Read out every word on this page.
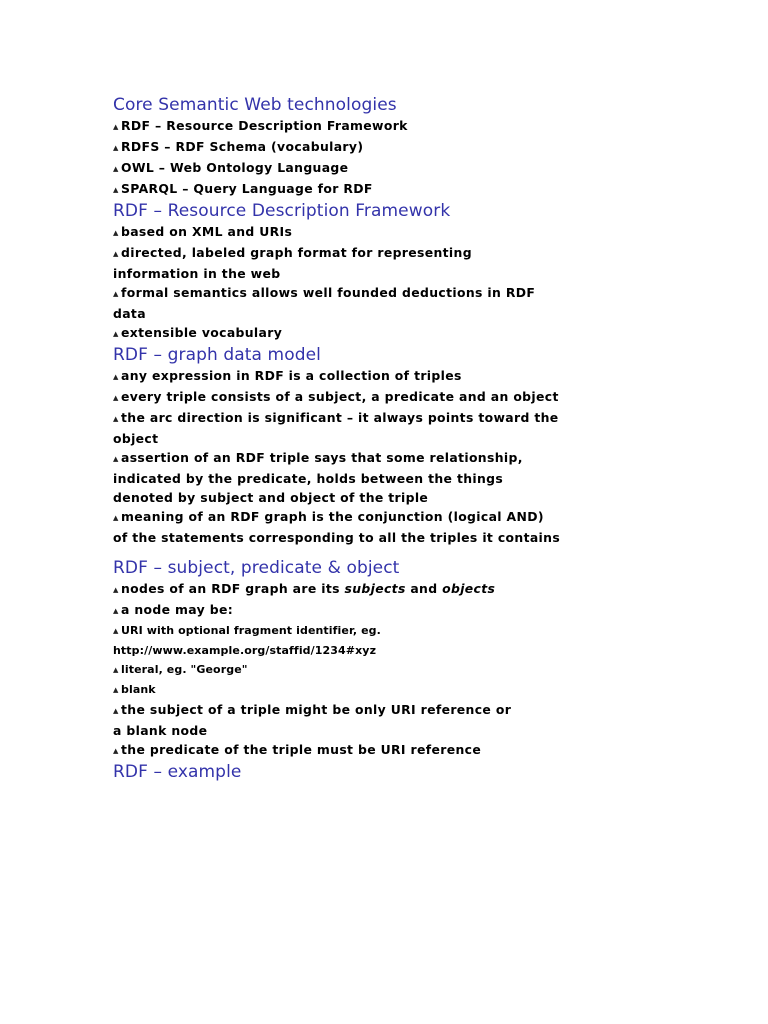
Core Semantic Web technologies
▲ RDF – Resource Description Framework
▲ RDFS – RDF Schema (vocabulary)
▲ OWL – Web Ontology Language
▲ SPARQL – Query Language for RDF
RDF – Resource Description Framework
▲ based on XML and URIs
▲ directed, labeled graph format for representing
information in the web
▲ formal semantics allows well founded deductions in RDF
data
▲ extensible vocabulary
RDF – graph data model
▲ any expression in RDF is a collection of triples
▲ every triple consists of a subject, a predicate and an object
▲ the arc direction is significant – it always points toward the
object
▲ assertion of an RDF triple says that some relationship,
indicated by the predicate, holds between the things
denoted by subject and object of the triple
▲ meaning of an RDF graph is the conjunction (logical AND)
of the statements corresponding to all the triples it contains
RDF – subject, predicate & object
▲ nodes of an RDF graph are its subjects and objects
▲ a node may be:
▲ URI with optional fragment identifier, eg.
http://www.example.org/staffid/1234#xyz
▲ literal, eg. "George"
▲ blank
▲ the subject of a triple might be only URI reference or
a blank node
▲ the predicate of the triple must be URI reference
RDF – example
